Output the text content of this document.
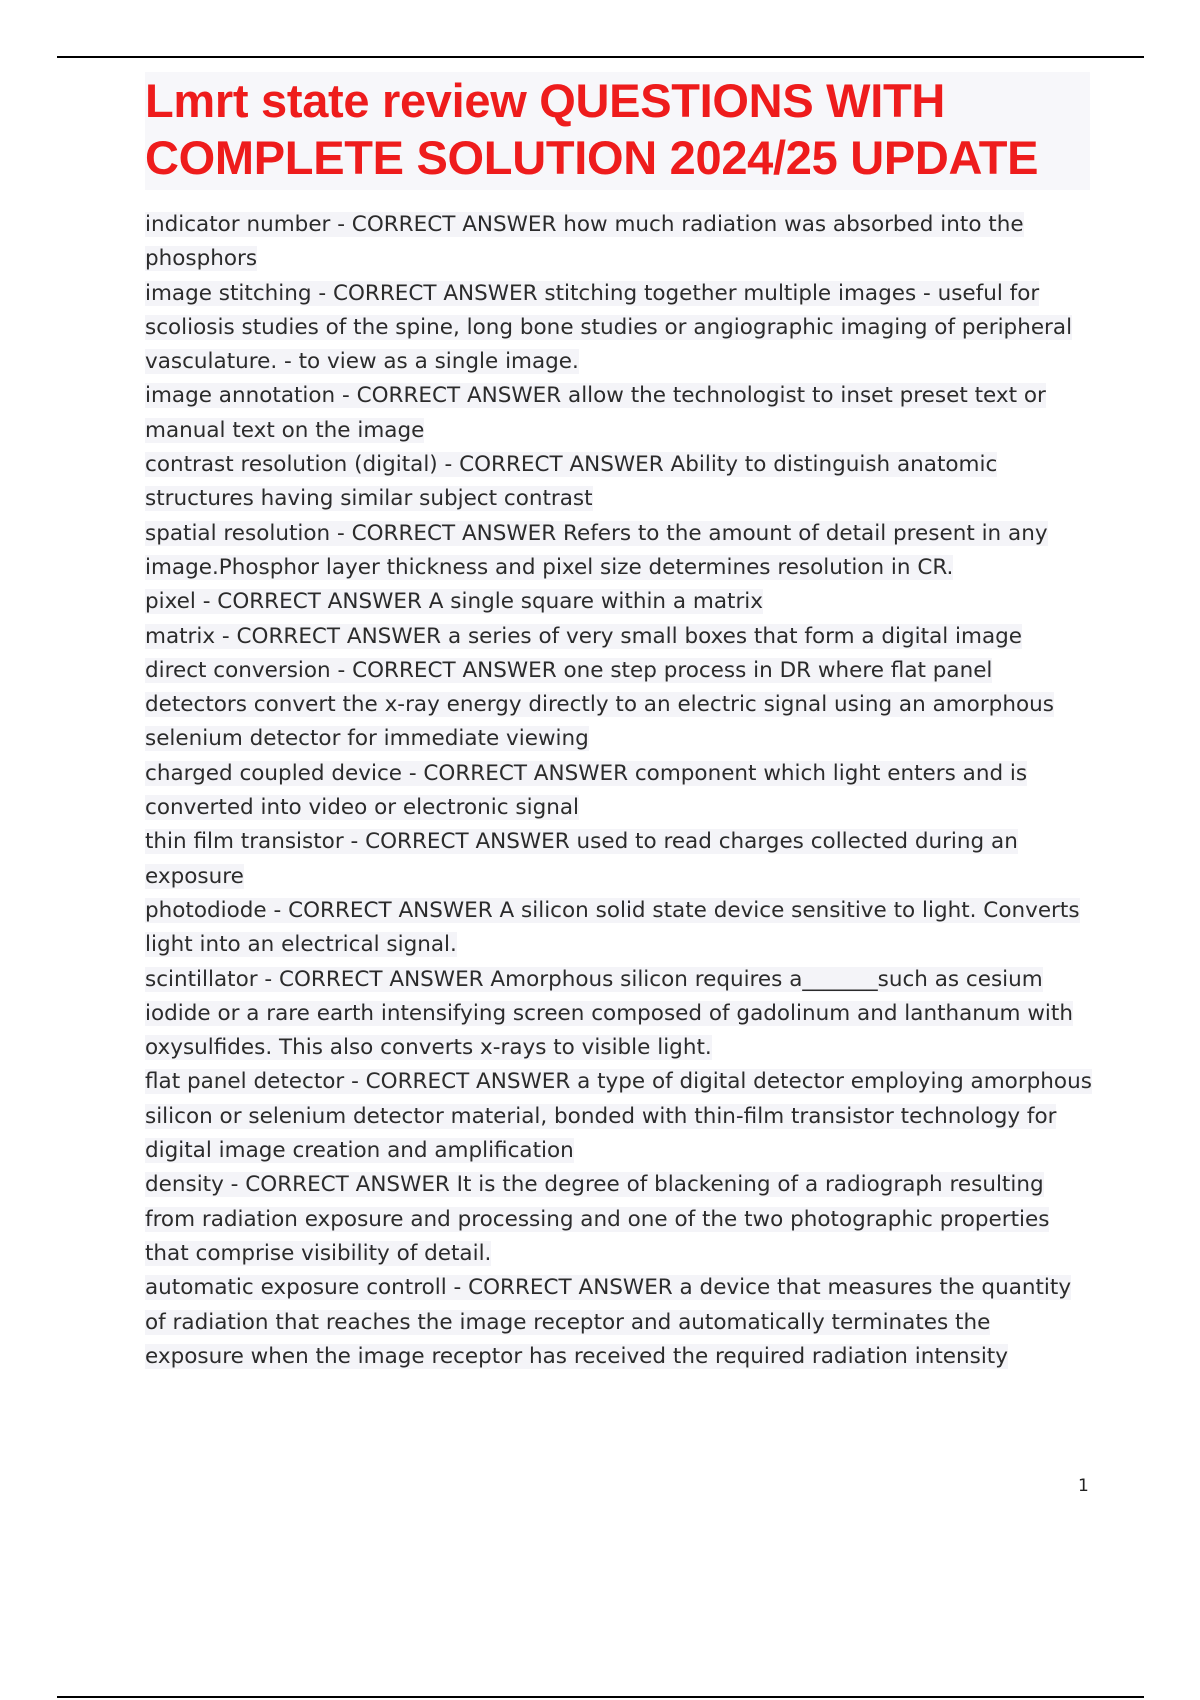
Lmrt state review QUESTIONS WITH COMPLETE SOLUTION 2024/25 UPDATE

indicator number - CORRECT ANSWER how much radiation was absorbed into the phosphors

image stitching - CORRECT ANSWER stitching together multiple images - useful for scoliosis studies of the spine, long bone studies or angiographic imaging of peripheral vasculature. - to view as a single image.

image annotation - CORRECT ANSWER allow the technologist to inset preset text or manual text on the image

contrast resolution (digital) - CORRECT ANSWER Ability to distinguish anatomic structures having similar subject contrast

spatial resolution - CORRECT ANSWER Refers to the amount of detail present in any image.Phosphor layer thickness and pixel size determines resolution in CR.

pixel - CORRECT ANSWER A single square within a matrix

matrix - CORRECT ANSWER a series of very small boxes that form a digital image

direct conversion - CORRECT ANSWER one step process in DR where flat panel detectors convert the x-ray energy directly to an electric signal using an amorphous selenium detector for immediate viewing

charged coupled device - CORRECT ANSWER component which light enters and is converted into video or electronic signal

thin film transistor - CORRECT ANSWER used to read charges collected during an exposure

photodiode - CORRECT ANSWER A silicon solid state device sensitive to light. Converts light into an electrical signal.

scintillator - CORRECT ANSWER Amorphous silicon requires a_______such as cesium iodide or a rare earth intensifying screen composed of gadolinum and lanthanum with oxysulfides. This also converts x-rays to visible light.

flat panel detector - CORRECT ANSWER a type of digital detector employing amorphous silicon or selenium detector material, bonded with thin-film transistor technology for digital image creation and amplification

density - CORRECT ANSWER It is the degree of blackening of a radiograph resulting from radiation exposure and processing and one of the two photographic properties that comprise visibility of detail.

automatic exposure controll - CORRECT ANSWER a device that measures the quantity of radiation that reaches the image receptor and automatically terminates the exposure when the image receptor has received the required radiation intensity

1
